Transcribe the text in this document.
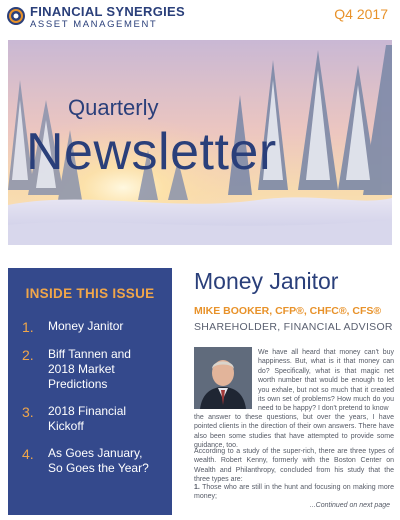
FINANCIAL SYNERGIES
ASSET MANAGEMENT
Q4 2017
Quarterly
Newsletter
INSIDE THIS ISSUE
1.	Money Janitor
2.	Biff Tannen and 2018 Market Predictions
3.	2018 Financial Kickoff
4.	As Goes January, So Goes the Year?
Money Janitor
MIKE BOOKER, CFP®, CHFC®, CFS®
SHAREHOLDER, FINANCIAL ADVISOR

We have all heard that money can't buy happiness. But, what is it that money can do? Specifically, what is that magic net worth number that would be enough to let you exhale, but not so much that it created its own set of problems? How much do you need to be happy? I don't pretend to know

the answer to these questions, but over the years, I have pointed clients in the direction of their own answers. There have also been some studies that have attempted to provide some guidance, too.

According to a study of the super-rich, there are three types of wealth. Robert Kenny, formerly with the Boston Center on Wealth and Philanthropy, concluded from his study that the three types are:

1. Those who are still in the hunt and focusing on making more money;

...Continued on next page
